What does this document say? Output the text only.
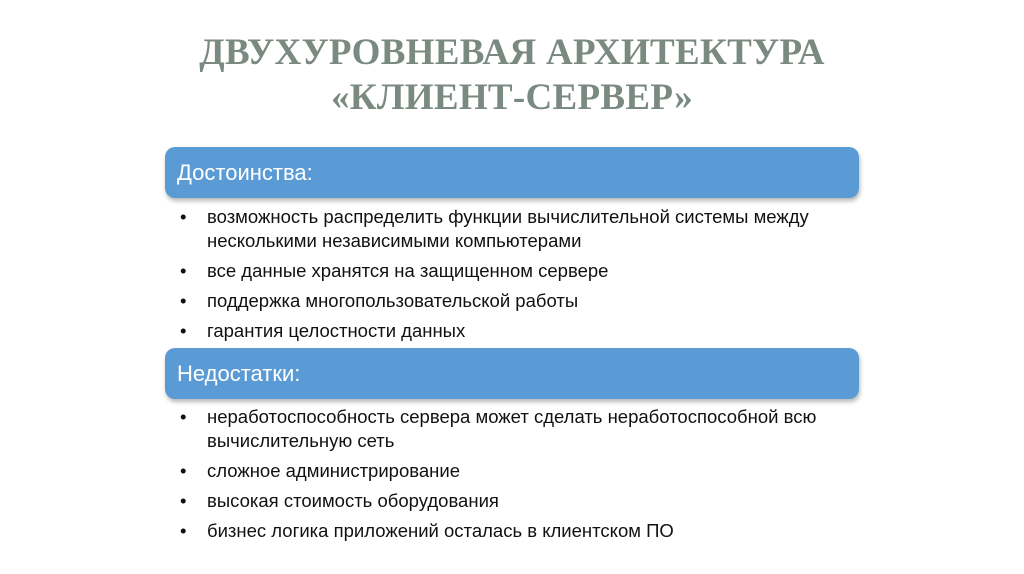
ДВУХУРОВНЕВАЯ АРХИТЕКТУРА
«КЛИЕНТ-СЕРВЕР»
Достоинства:
•	возможность распределить функции вычислительной системы между несколькими независимыми компьютерами
•	все данные хранятся на защищенном сервере
•	поддержка многопользовательской работы
•	гарантия целостности данных
Недостатки:
•	неработоспособность сервера может сделать неработоспособной всю вычислительную сеть
•	сложное администрирование
•	высокая стоимость оборудования
•	бизнес логика приложений осталась в клиентском ПО
